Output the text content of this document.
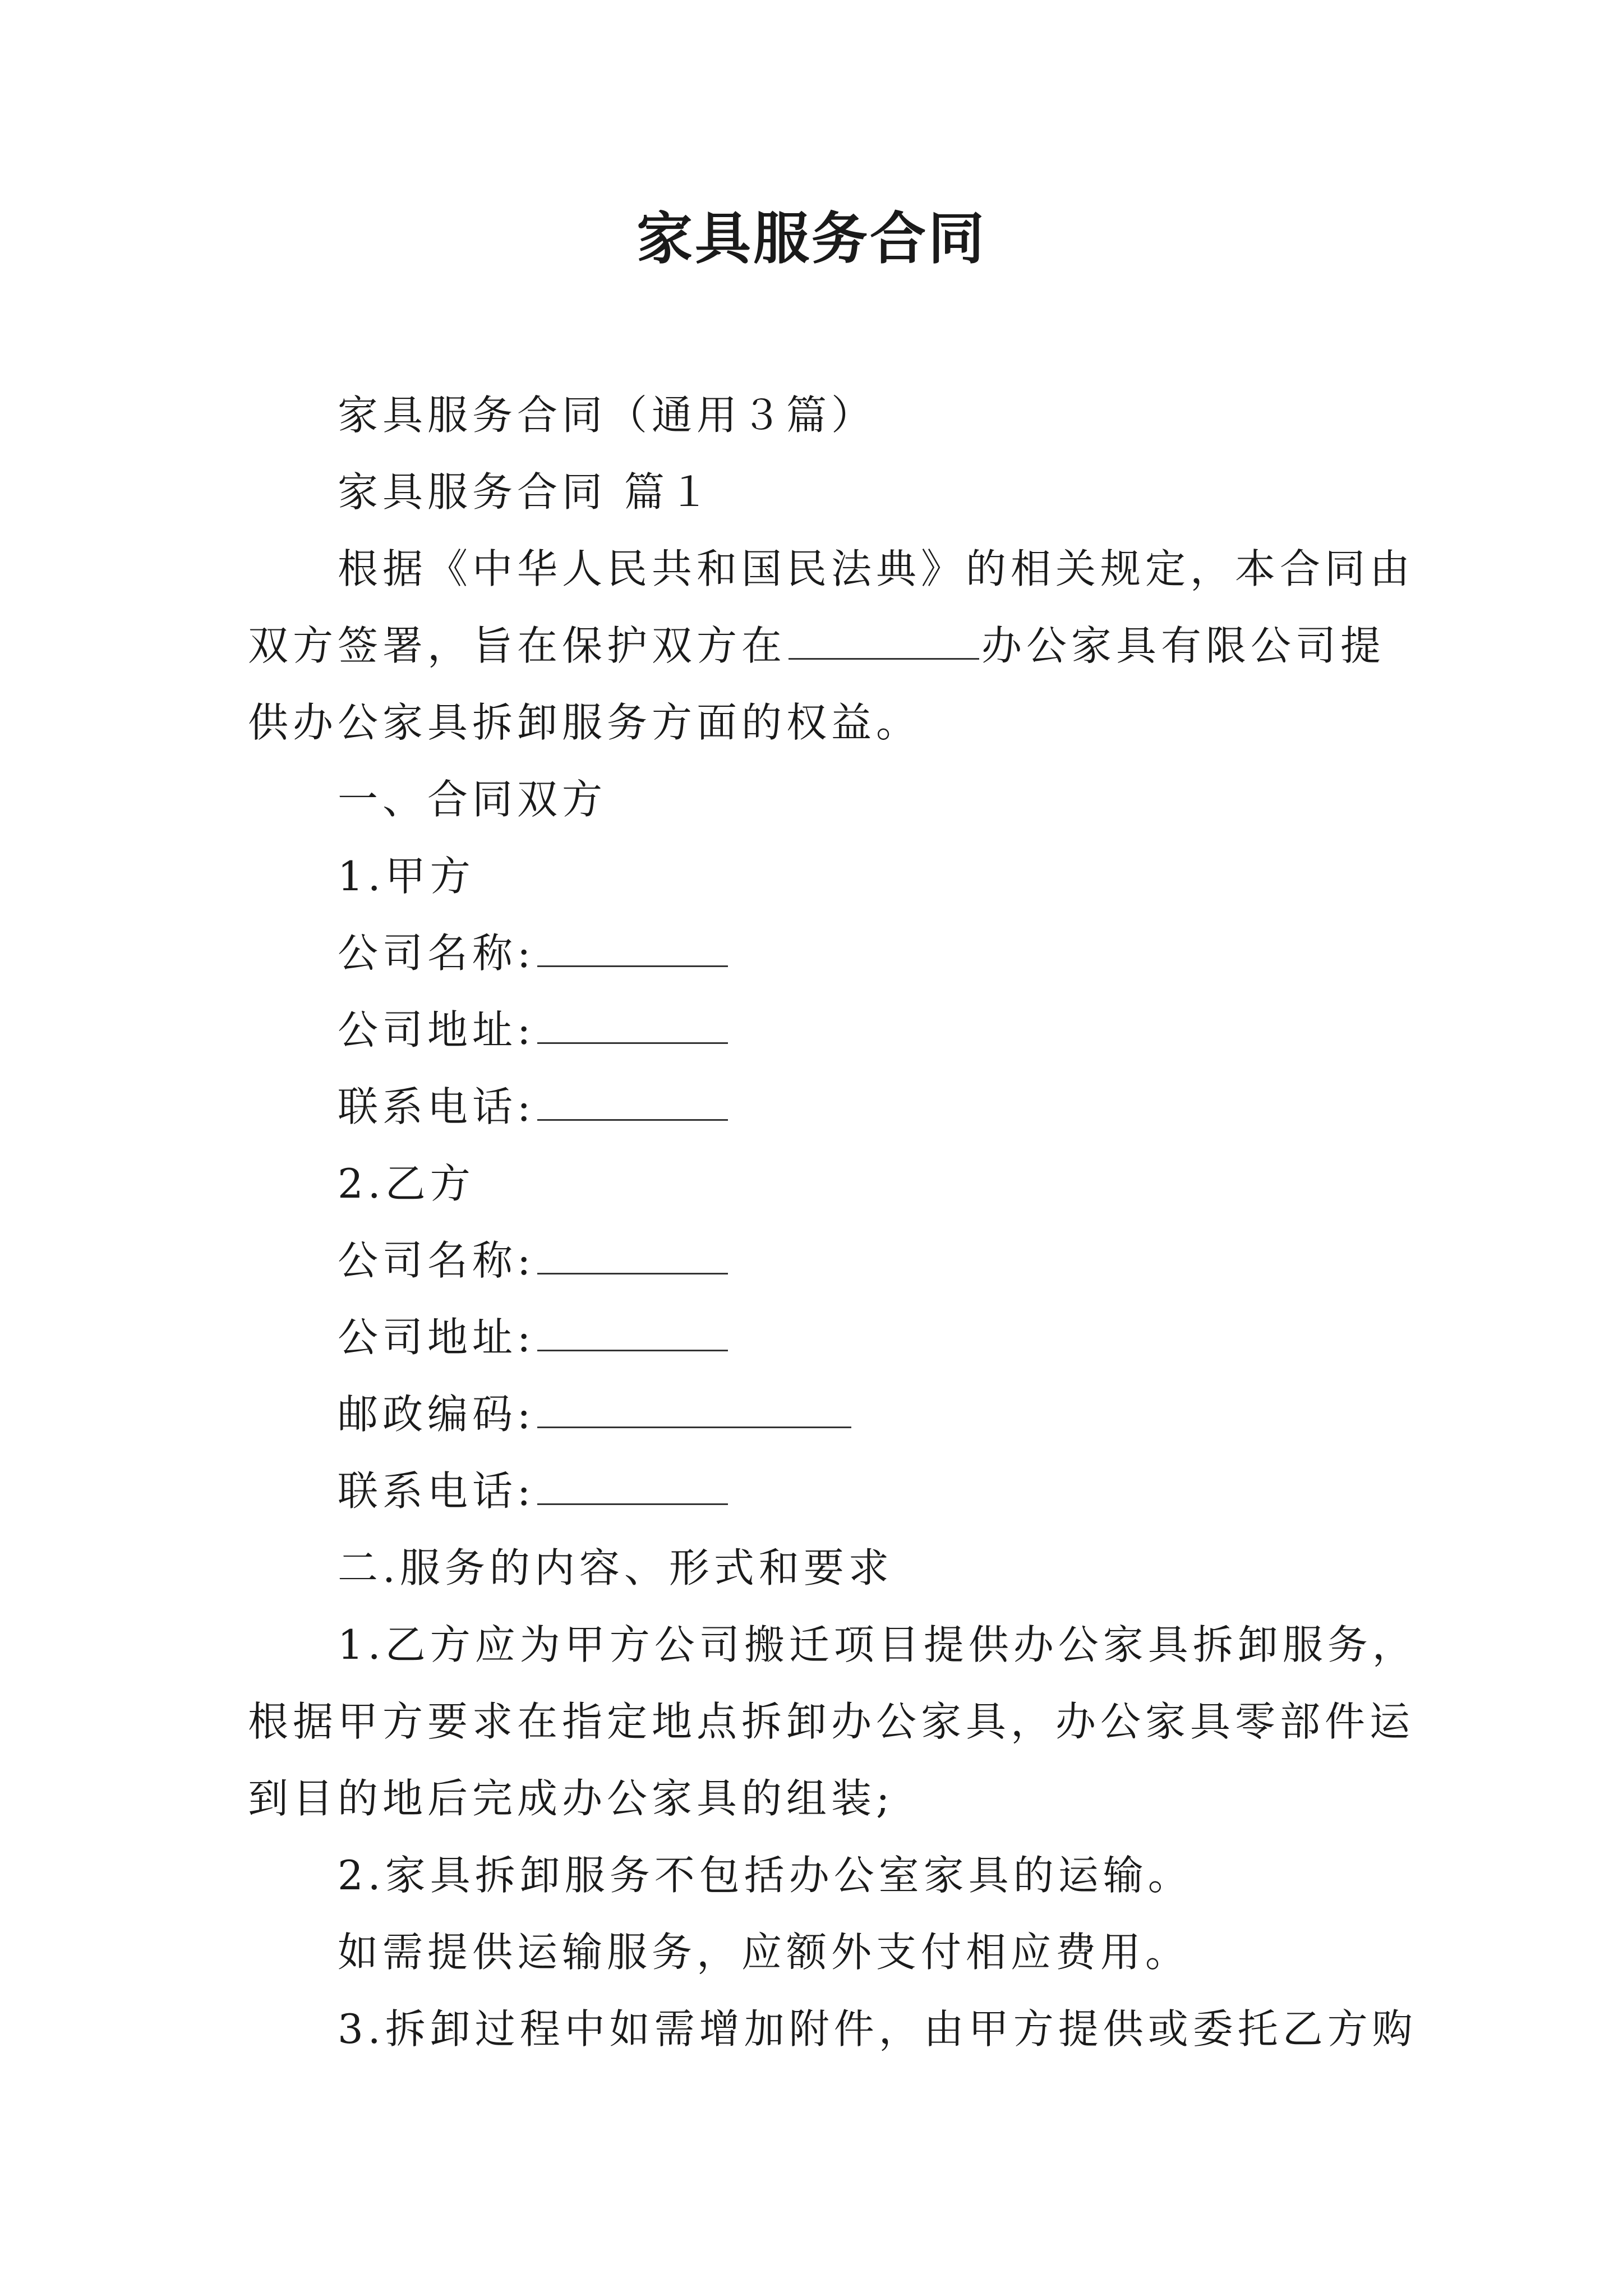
家具服务合同

家具服务合同（通用３篇）

家具服务合同 篇１

根据《中华人民共和国民法典》的相关规定，本合同由

双方签署，旨在保护双方在	办公家具有限公司提

供办公家具拆卸服务方面的权益。

一、合同双方

1.甲方

公司名称:

公司地址:

联系电话:

2.乙方

公司名称:

公司地址:

邮政编码:

联系电话:

二.服务的内容、形式和要求

1.乙方应为甲方公司搬迁项目提供办公家具拆卸服务，

根据甲方要求在指定地点拆卸办公家具，办公家具零部件运

到目的地后完成办公家具的组装;

2.家具拆卸服务不包括办公室家具的运输。

如需提供运输服务，应额外支付相应费用。

3.拆卸过程中如需增加附件，由甲方提供或委托乙方购
